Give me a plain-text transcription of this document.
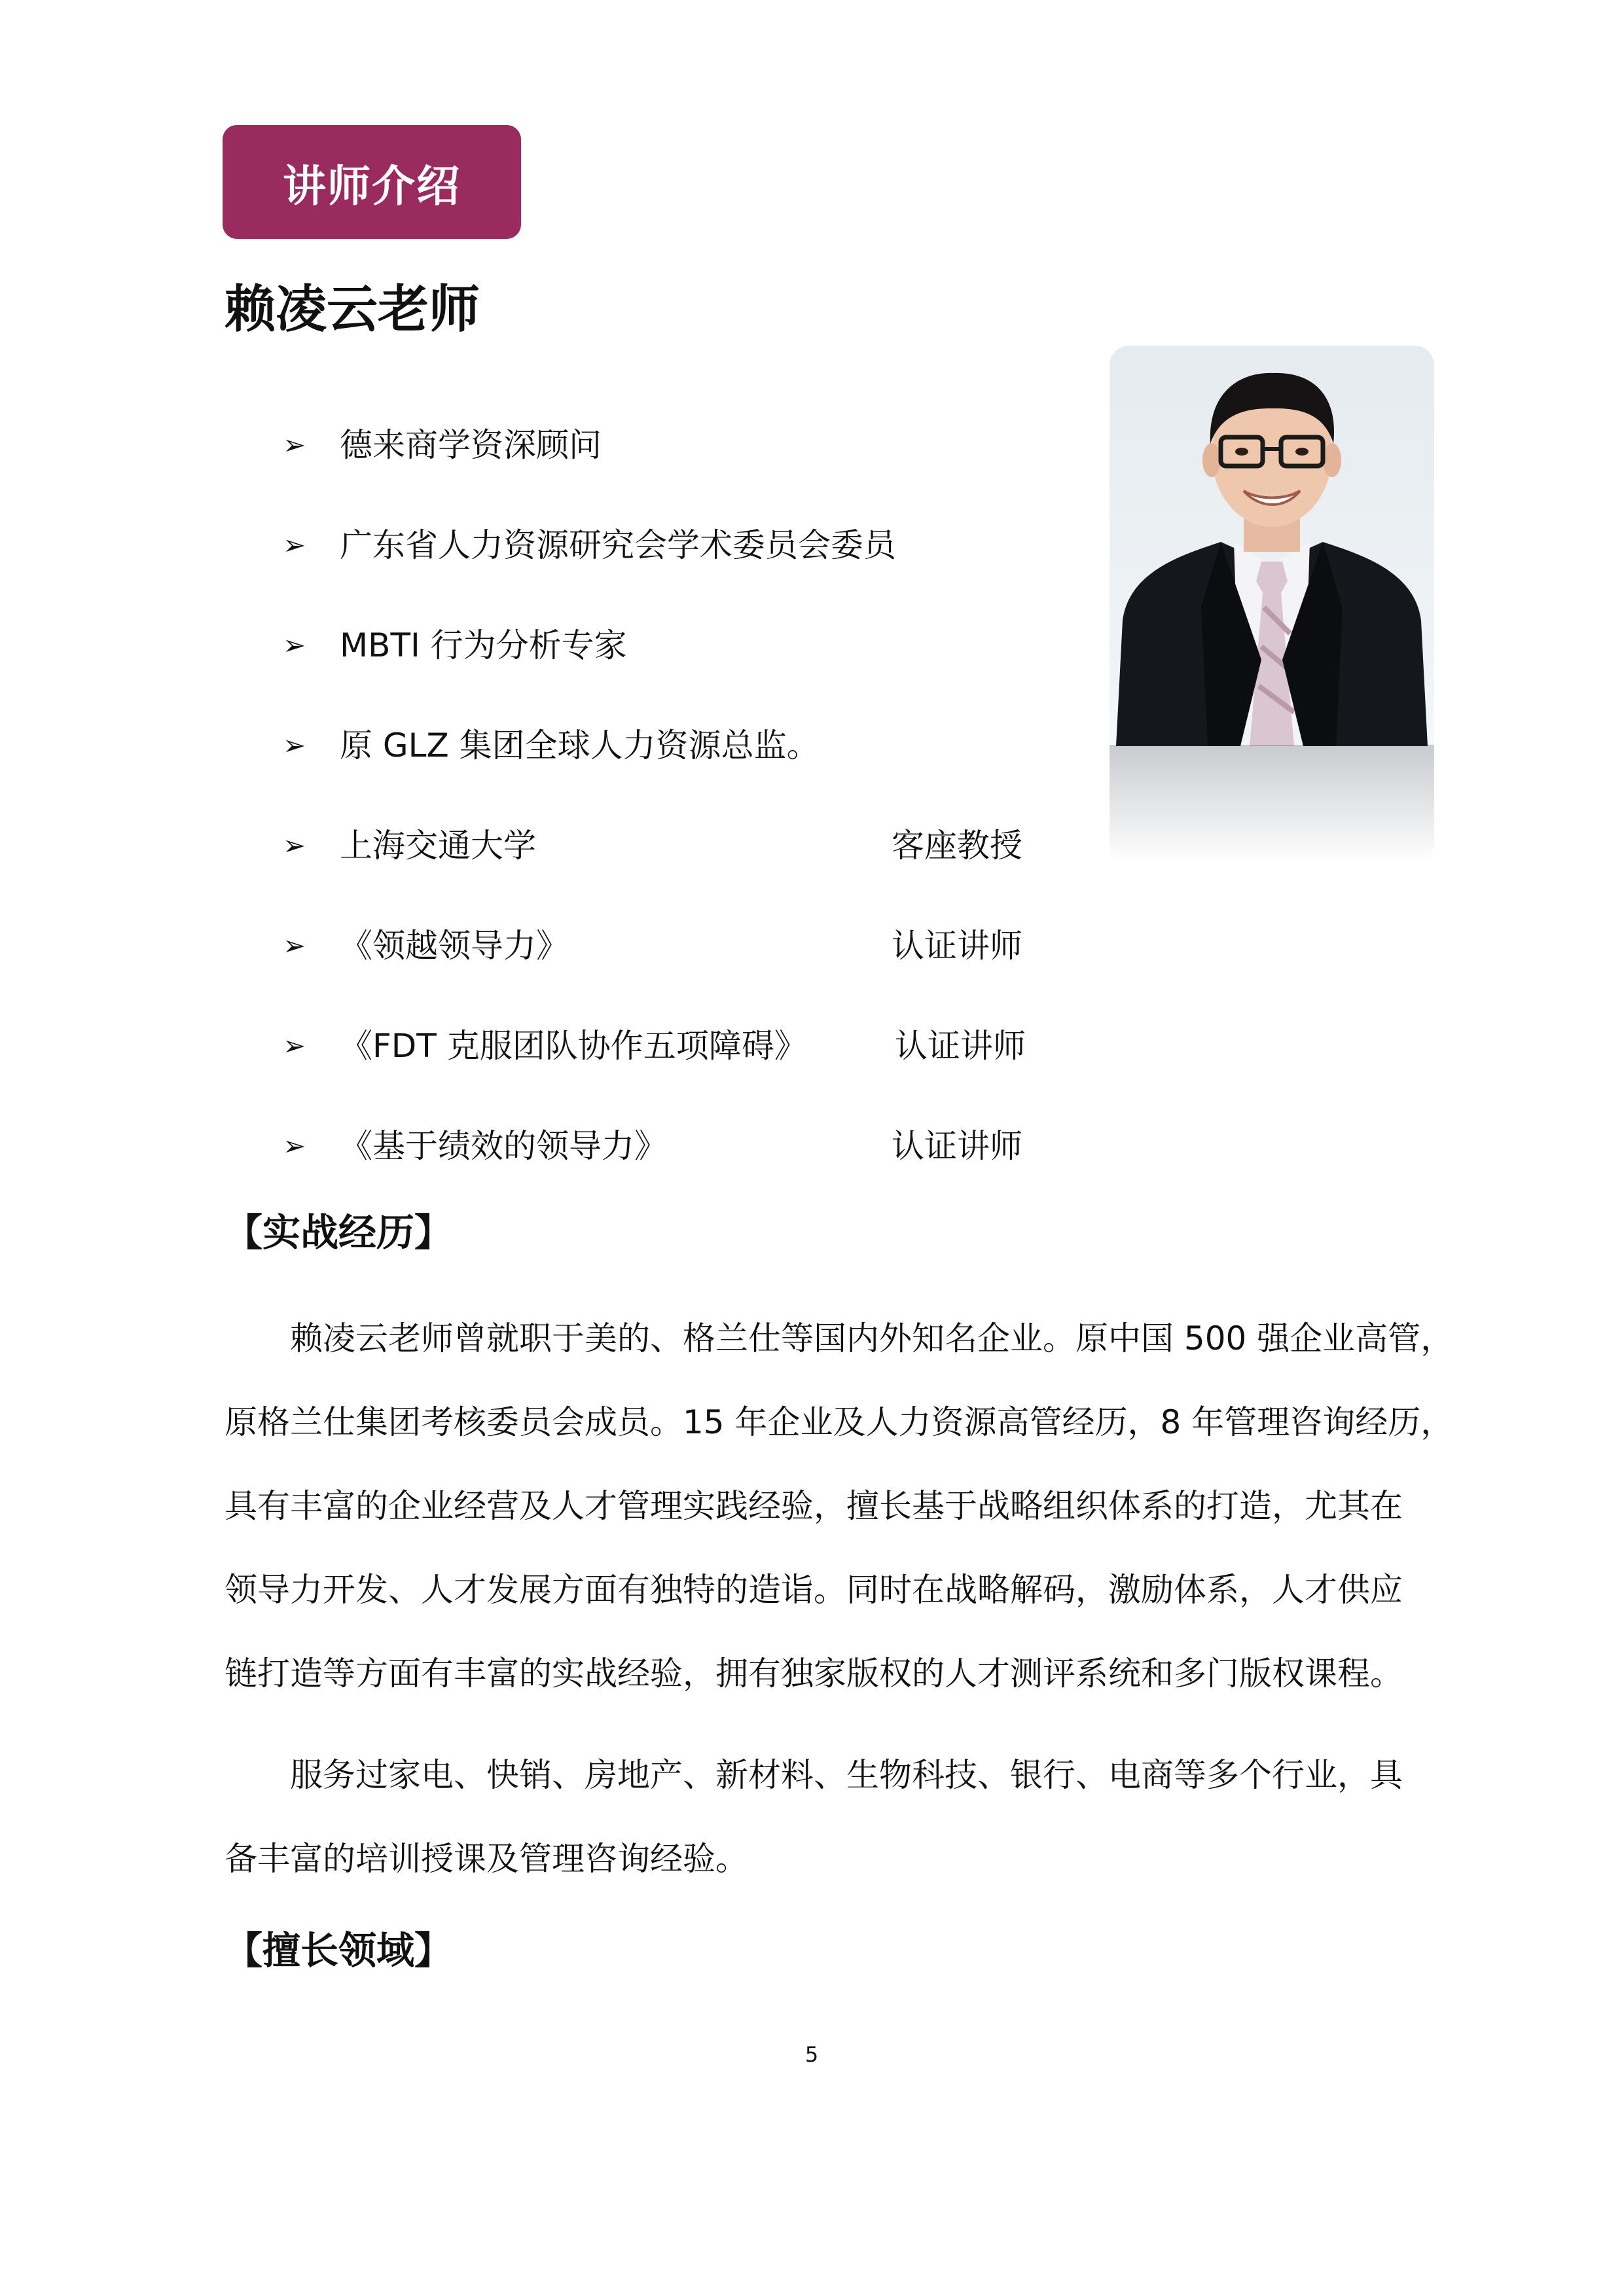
讲师介绍
赖凌云老师
➢ 德来商学资深顾问
➢ 广东省人力资源研究会学术委员会委员
➢ MBTI 行为分析专家
➢ 原 GLZ 集团全球人力资源总监。
➢ 上海交通大学	客座教授
➢ 《领越领导力》	认证讲师
➢ 《FDT 克服团队协作五项障碍》	认证讲师
➢ 《基于绩效的领导力》	认证讲师
【实战经历】
赖凌云老师曾就职于美的、格兰仕等国内外知名企业。原中国 500 强企业高管，
原格兰仕集团考核委员会成员。15 年企业及人力资源高管经历，8 年管理咨询经历，
具有丰富的企业经营及人才管理实践经验，擅长基于战略组织体系的打造，尤其在
领导力开发、人才发展方面有独特的造诣。同时在战略解码，激励体系，人才供应
链打造等方面有丰富的实战经验，拥有独家版权的人才测评系统和多门版权课程。
服务过家电、快销、房地产、新材料、生物科技、银行、电商等多个行业，具
备丰富的培训授课及管理咨询经验。
【擅长领域】
5
